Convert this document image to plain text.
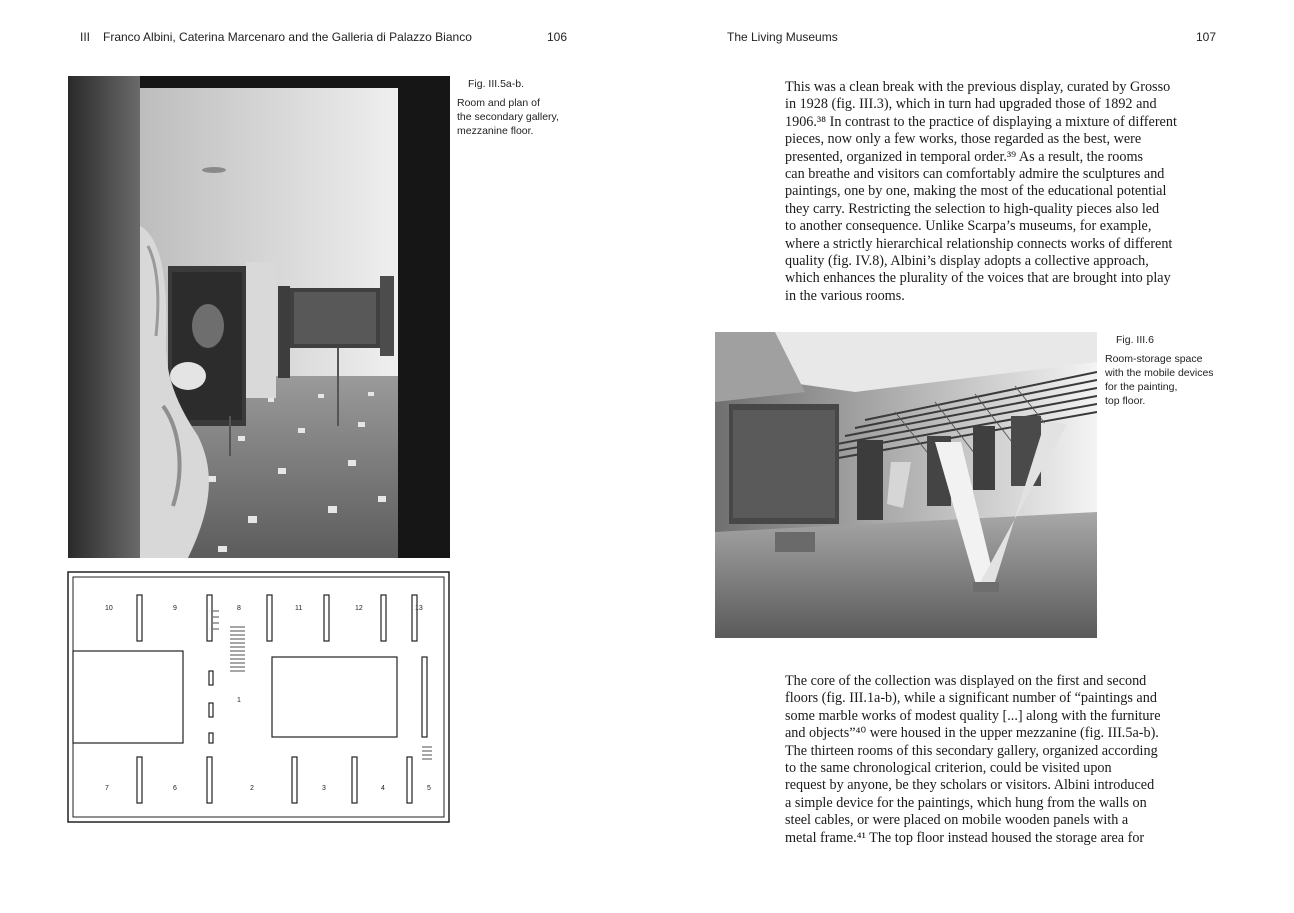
III Franco Albini, Caterina Marcenaro and the Galleria di Palazzo Bianco	106	The Living Museums	107
Fig. III.5a-b.
Room and plan of
the secondary gallery,
mezzanine floor.
10	9	8	11	12	13
1
7	6	2	3	4	5
This was a clean break with the previous display, curated by Grosso
in 1928 (fig. III.3), which in turn had upgraded those of 1892 and
1906.³⁸ In contrast to the practice of displaying a mixture of different
pieces, now only a few works, those regarded as the best, were
presented, organized in temporal order.³⁹ As a result, the rooms
can breathe and visitors can comfortably admire the sculptures and
paintings, one by one, making the most of the educational potential
they carry. Restricting the selection to high-quality pieces also led
to another consequence. Unlike Scarpa’s museums, for example,
where a strictly hierarchical relationship connects works of different
quality (fig. IV.8), Albini’s display adopts a collective approach,
which enhances the plurality of the voices that are brought into play
in the various rooms.
Fig. III.6
Room-storage space
with the mobile devices
for the painting,
top floor.
The core of the collection was displayed on the first and second
floors (fig. III.1a-b), while a significant number of “paintings and
some marble works of modest quality [...] along with the furniture
and objects”⁴⁰ were housed in the upper mezzanine (fig. III.5a-b).
The thirteen rooms of this secondary gallery, organized according
to the same chronological criterion, could be visited upon
request by anyone, be they scholars or visitors. Albini introduced
a simple device for the paintings, which hung from the walls on
steel cables, or were placed on mobile wooden panels with a
metal frame.⁴¹ The top floor instead housed the storage area for
